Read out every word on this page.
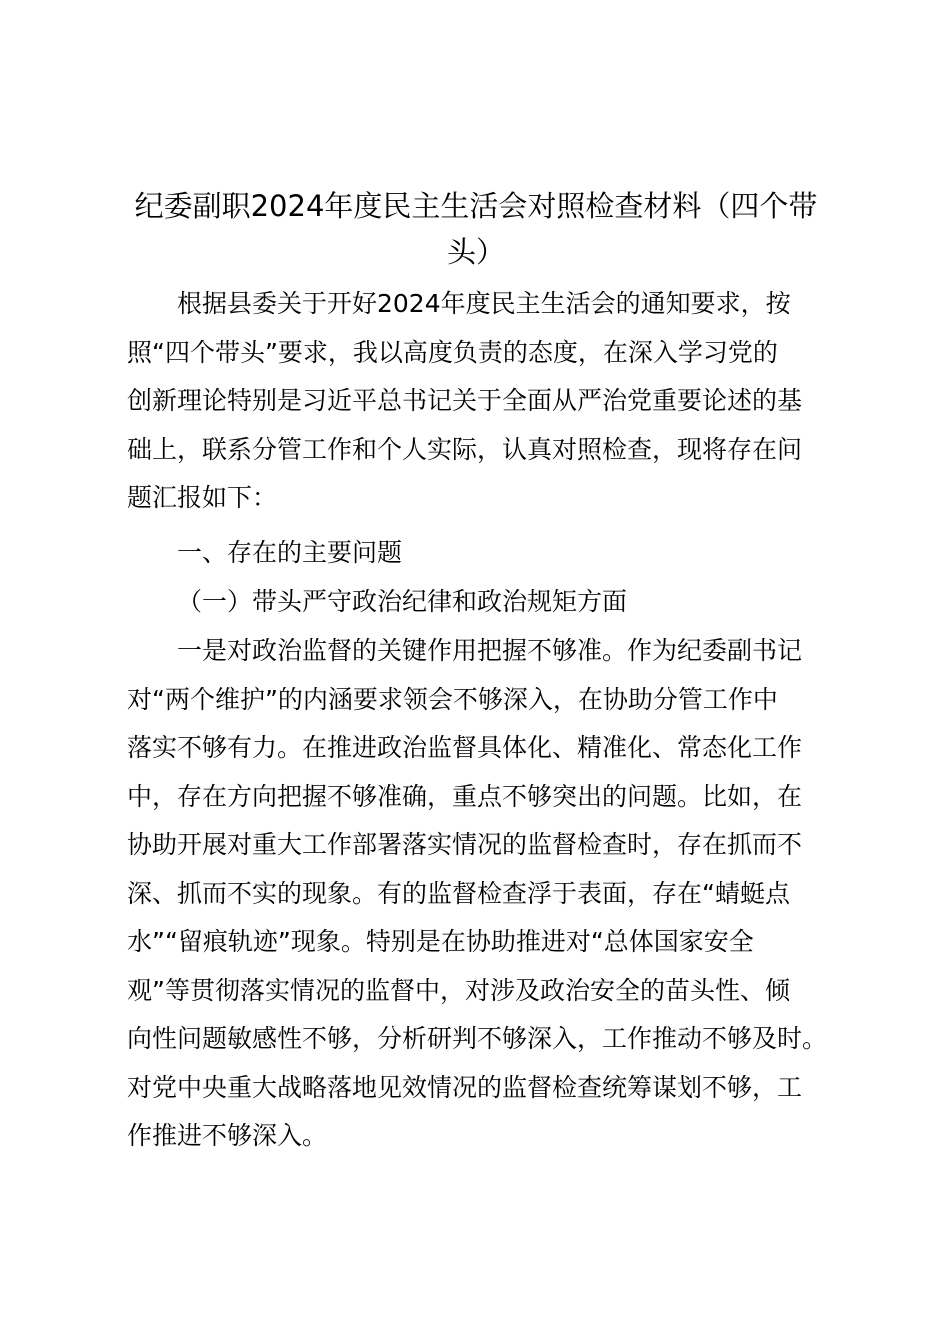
纪委副职2024年度民主生活会对照检查材料（四个带
头）
根据县委关于开好2024年度民主生活会的通知要求，按
照“四个带头”要求，我以高度负责的态度，在深入学习党的
创新理论特别是习近平总书记关于全面从严治党重要论述的基
础上，联系分管工作和个人实际，认真对照检查，现将存在问
题汇报如下：
一、存在的主要问题
（一）带头严守政治纪律和政治规矩方面
一是对政治监督的关键作用把握不够准。作为纪委副书记
对“两个维护”的内涵要求领会不够深入，在协助分管工作中
落实不够有力。在推进政治监督具体化、精准化、常态化工作
中，存在方向把握不够准确，重点不够突出的问题。比如，在
协助开展对重大工作部署落实情况的监督检查时，存在抓而不
深、抓而不实的现象。有的监督检查浮于表面，存在“蜻蜓点
水”“留痕轨迹”现象。特别是在协助推进对“总体国家安全
观”等贯彻落实情况的监督中，对涉及政治安全的苗头性、倾
向性问题敏感性不够，分析研判不够深入，工作推动不够及时。
对党中央重大战略落地见效情况的监督检查统筹谋划不够，工
作推进不够深入。
